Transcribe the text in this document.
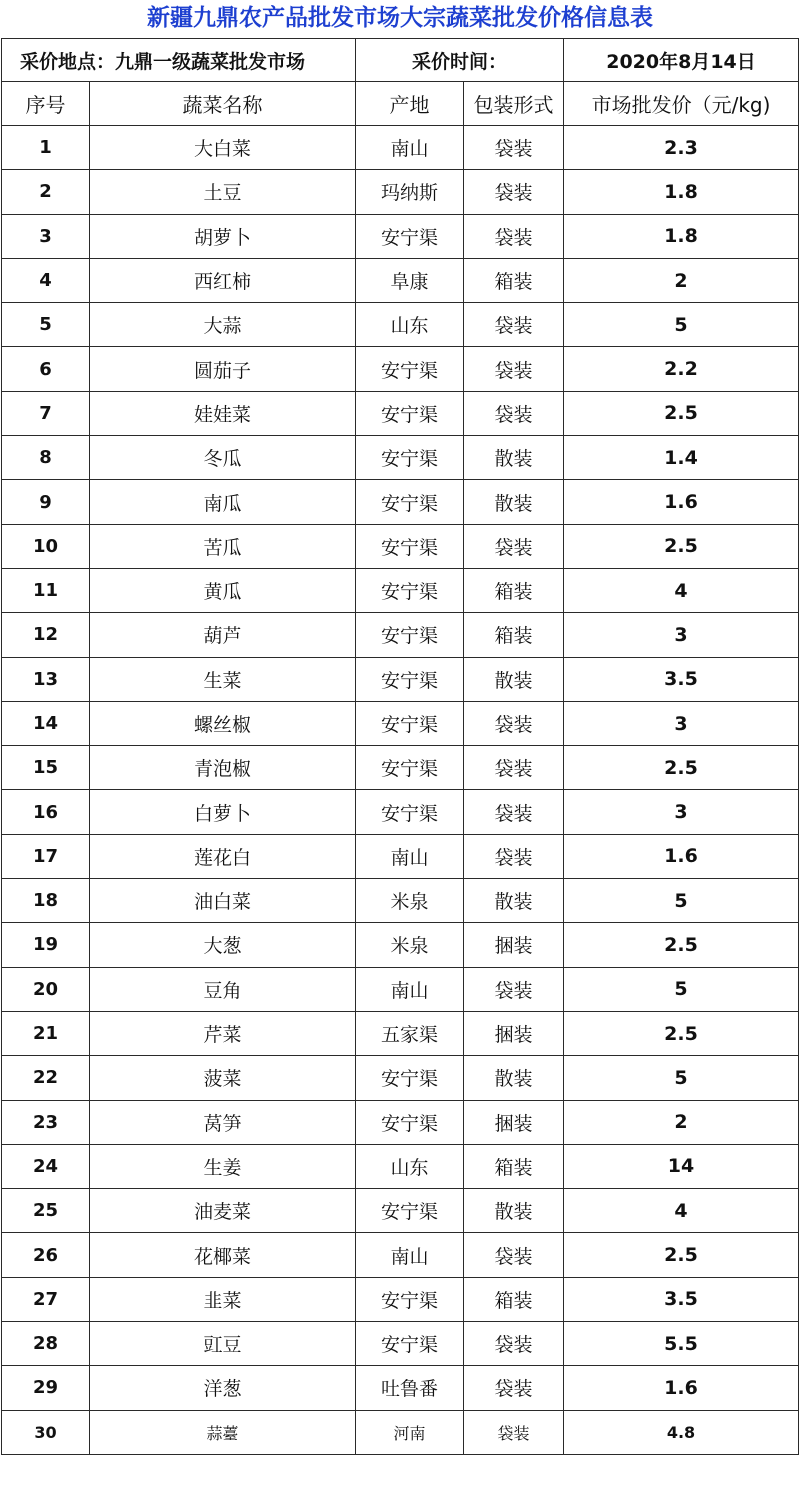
新疆九鼎农产品批发市场大宗蔬菜批发价格信息表
采价地点：九鼎一级蔬菜批发市场		采价时间：		2020年8月14日
序号	蔬菜名称	产地	包装形式	市场批发价（元/kg)
1	大白菜	南山	袋装	2.3
2	土豆	玛纳斯	袋装	1.8
3	胡萝卜	安宁渠	袋装	1.8
4	西红柿	阜康	箱装	2
5	大蒜	山东	袋装	5
6	圆茄子	安宁渠	袋装	2.2
7	娃娃菜	安宁渠	袋装	2.5
8	冬瓜	安宁渠	散装	1.4
9	南瓜	安宁渠	散装	1.6
10	苦瓜	安宁渠	袋装	2.5
11	黄瓜	安宁渠	箱装	4
12	葫芦	安宁渠	箱装	3
13	生菜	安宁渠	散装	3.5
14	螺丝椒	安宁渠	袋装	3
15	青泡椒	安宁渠	袋装	2.5
16	白萝卜	安宁渠	袋装	3
17	莲花白	南山	袋装	1.6
18	油白菜	米泉	散装	5
19	大葱	米泉	捆装	2.5
20	豆角	南山	袋装	5
21	芹菜	五家渠	捆装	2.5
22	菠菜	安宁渠	散装	5
23	莴笋	安宁渠	捆装	2
24	生姜	山东	箱装	14
25	油麦菜	安宁渠	散装	4
26	花椰菜	南山	袋装	2.5
27	韭菜	安宁渠	箱装	3.5
28	豇豆	安宁渠	袋装	5.5
29	洋葱	吐鲁番	袋装	1.6
30	蒜薹	河南	袋装	4.8
